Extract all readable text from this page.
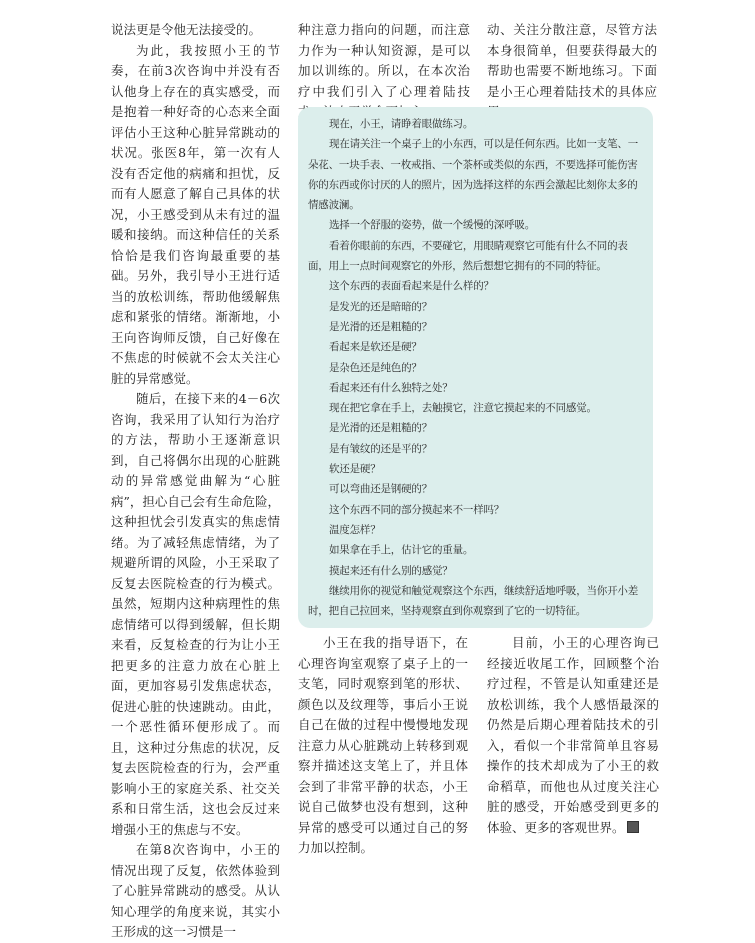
说法更是令他无法接受的。

为此，我按照小王的节奏，在前3次咨询中并没有否认他身上存在的真实感受，而是抱着一种好奇的心态来全面评估小王这种心脏异常跳动的状况。张医8年，第一次有人没有否定他的病痛和担忧，反而有人愿意了解自己具体的状况，小王感受到从未有过的温暖和接纳。而这种信任的关系恰恰是我们咨询最重要的基础。另外，我引导小王进行适当的放松训练，帮助他缓解焦虑和紧张的情绪。渐渐地，小王向咨询师反馈，自己好像在不焦虑的时候就不会太关注心脏的异常感觉。

随后，在接下来的4－6次咨询，我采用了认知行为治疗的方法，帮助小王逐渐意识到，自己将偶尔出现的心脏跳动的异常感觉曲解为“心脏病”，担心自己会有生命危险，这种担忧会引发真实的焦虑情绪。为了减轻焦虑情绪，为了规避所谓的风险，小王采取了反复去医院检查的行为模式。虽然，短期内这种病理性的焦虑情绪可以得到缓解，但长期来看，反复检查的行为让小王把更多的注意力放在心脏上面，更加容易引发焦虑状态，促进心脏的快速跳动。由此，一个恶性循环便形成了。而且，这种过分焦虑的状况，反复去医院检查的行为，会严重影响小王的家庭关系、社交关系和日常生活，这也会反过来增强小王的焦虑与不安。

在第8次咨询中，小王的情况出现了反复，依然体验到了心脏异常跳动的感受。从认知心理学的角度来说，其实小王形成的这一习惯是一

种注意力指向的问题，而注意力作为一种认知资源，是可以加以训练的。所以，在本次治疗中我们引入了心理着陆技

动、关注分散注意，尽管方法本身很简单，但要获得最大的帮助也需要不断地练习。下面是小王心理着陆技术的具体应

现在，小王，请睁着眼做练习。

现在请关注一个桌子上的小东西，可以是任何东西。比如一支笔、一朵花、一块手表、一枚戒指、一个茶杯或类似的东西，不要选择可能伤害你的东西或你讨厌的人的照片，因为选择这样的东西会激起比刻你太多的情感波澜。

选择一个舒服的姿势，做一个缓慢的深呼吸。

看着你眼前的东西，不要碰它，用眼睛观察它可能有什么不同的表面，用上一点时间观察它的外形，然后想想它拥有的不同的特征。

这个东西的表面看起来是什么样的？

是发光的还是暗暗的？

是光滑的还是粗糙的？

看起来是软还是硬？

是杂色还是纯色的？

看起来还有什么独特之处？

现在把它拿在手上，去触摸它，注意它摸起来的不同感觉。

是光滑的还是粗糙的？

是有皱纹的还是平的？

软还是硬？

可以弯曲还是钢硬的？

这个东西不同的部分摸起来不一样吗？

温度怎样？

如果拿在手上，估计它的重量。

摸起来还有什么别的感觉？

继续用你的视觉和触觉观察这个东西，继续舒适地呼吸，当你开小差时，把自己拉回来，坚持观察直到你观察到了它的一切特征。

小王在我的指导语下，在心理咨询室观察了桌子上的一支笔，同时观察到笔的形状、颜色以及纹理等，事后小王说自己在做的过程中慢慢地发现注意力从心脏跳动上转移到观察并描述这支笔上了，并且体会到了非常平静的状态，小王说自己做梦也没有想到，这种异常的感受可以通过自己的努力加以控制。

目前，小王的心理咨询已经接近收尾工作，回顾整个治疗过程，不管是认知重建还是放松训练，我个人感悟最深的仍然是后期心理着陆技术的引入，看似一个非常简单且容易操作的技术却成为了小王的救命稻草，而他也从过度关注心脏的感受，开始感受到更多的体验、更多的客观世界。
